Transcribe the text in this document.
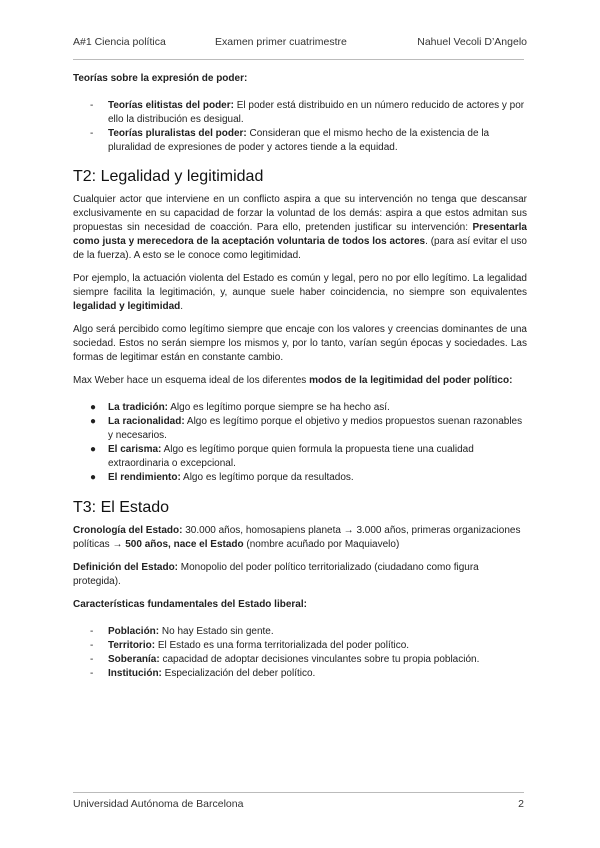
A#1 Ciencia política	Examen primer cuatrimestre	Nahuel Vecoli D’Angelo

Teorías sobre la expresión de poder:

- Teorías elitistas del poder: El poder está distribuido en un número reducido de actores y por ello la distribución es desigual.
- Teorías pluralistas del poder: Consideran que el mismo hecho de la existencia de la pluralidad de expresiones de poder y actores tiende a la equidad.
T2: Legalidad y legitimidad

Cualquier actor que interviene en un conflicto aspira a que su intervención no tenga que descansar exclusivamente en su capacidad de forzar la voluntad de los demás: aspira a que estos admitan sus propuestas sin necesidad de coacción. Para ello, pretenden justificar su intervención: Presentarla como justa y merecedora de la aceptación voluntaria de todos los actores. (para así evitar el uso de la fuerza). A esto se le conoce como legitimidad.

Por ejemplo, la actuación violenta del Estado es común y legal, pero no por ello legítimo. La legalidad siempre facilita la legitimación, y, aunque suele haber coincidencia, no siempre son equivalentes legalidad y legitimidad.

Algo será percibido como legítimo siempre que encaje con los valores y creencias dominantes de una sociedad. Estos no serán siempre los mismos y, por lo tanto, varían según épocas y sociedades. Las formas de legitimar están en constante cambio.

Max Weber hace un esquema ideal de los diferentes modos de la legitimidad del poder político:

● La tradición: Algo es legítimo porque siempre se ha hecho así.
● La racionalidad: Algo es legítimo porque el objetivo y medios propuestos suenan razonables y necesarios.
● El carisma: Algo es legítimo porque quien formula la propuesta tiene una cualidad extraordinaria o excepcional.
● El rendimiento: Algo es legítimo porque da resultados.
T3: El Estado

Cronología del Estado: 30.000 años, homosapiens planeta → 3.000 años, primeras organizaciones políticas → 500 años, nace el Estado (nombre acuñado por Maquiavelo)

Definición del Estado: Monopolio del poder político territorializado (ciudadano como figura protegida).

Características fundamentales del Estado liberal:

- Población: No hay Estado sin gente.
- Territorio: El Estado es una forma territorializada del poder político.
- Soberanía: capacidad de adoptar decisiones vinculantes sobre tu propia población.
- Institución: Especialización del deber político.
Universidad Autónoma de Barcelona	2
